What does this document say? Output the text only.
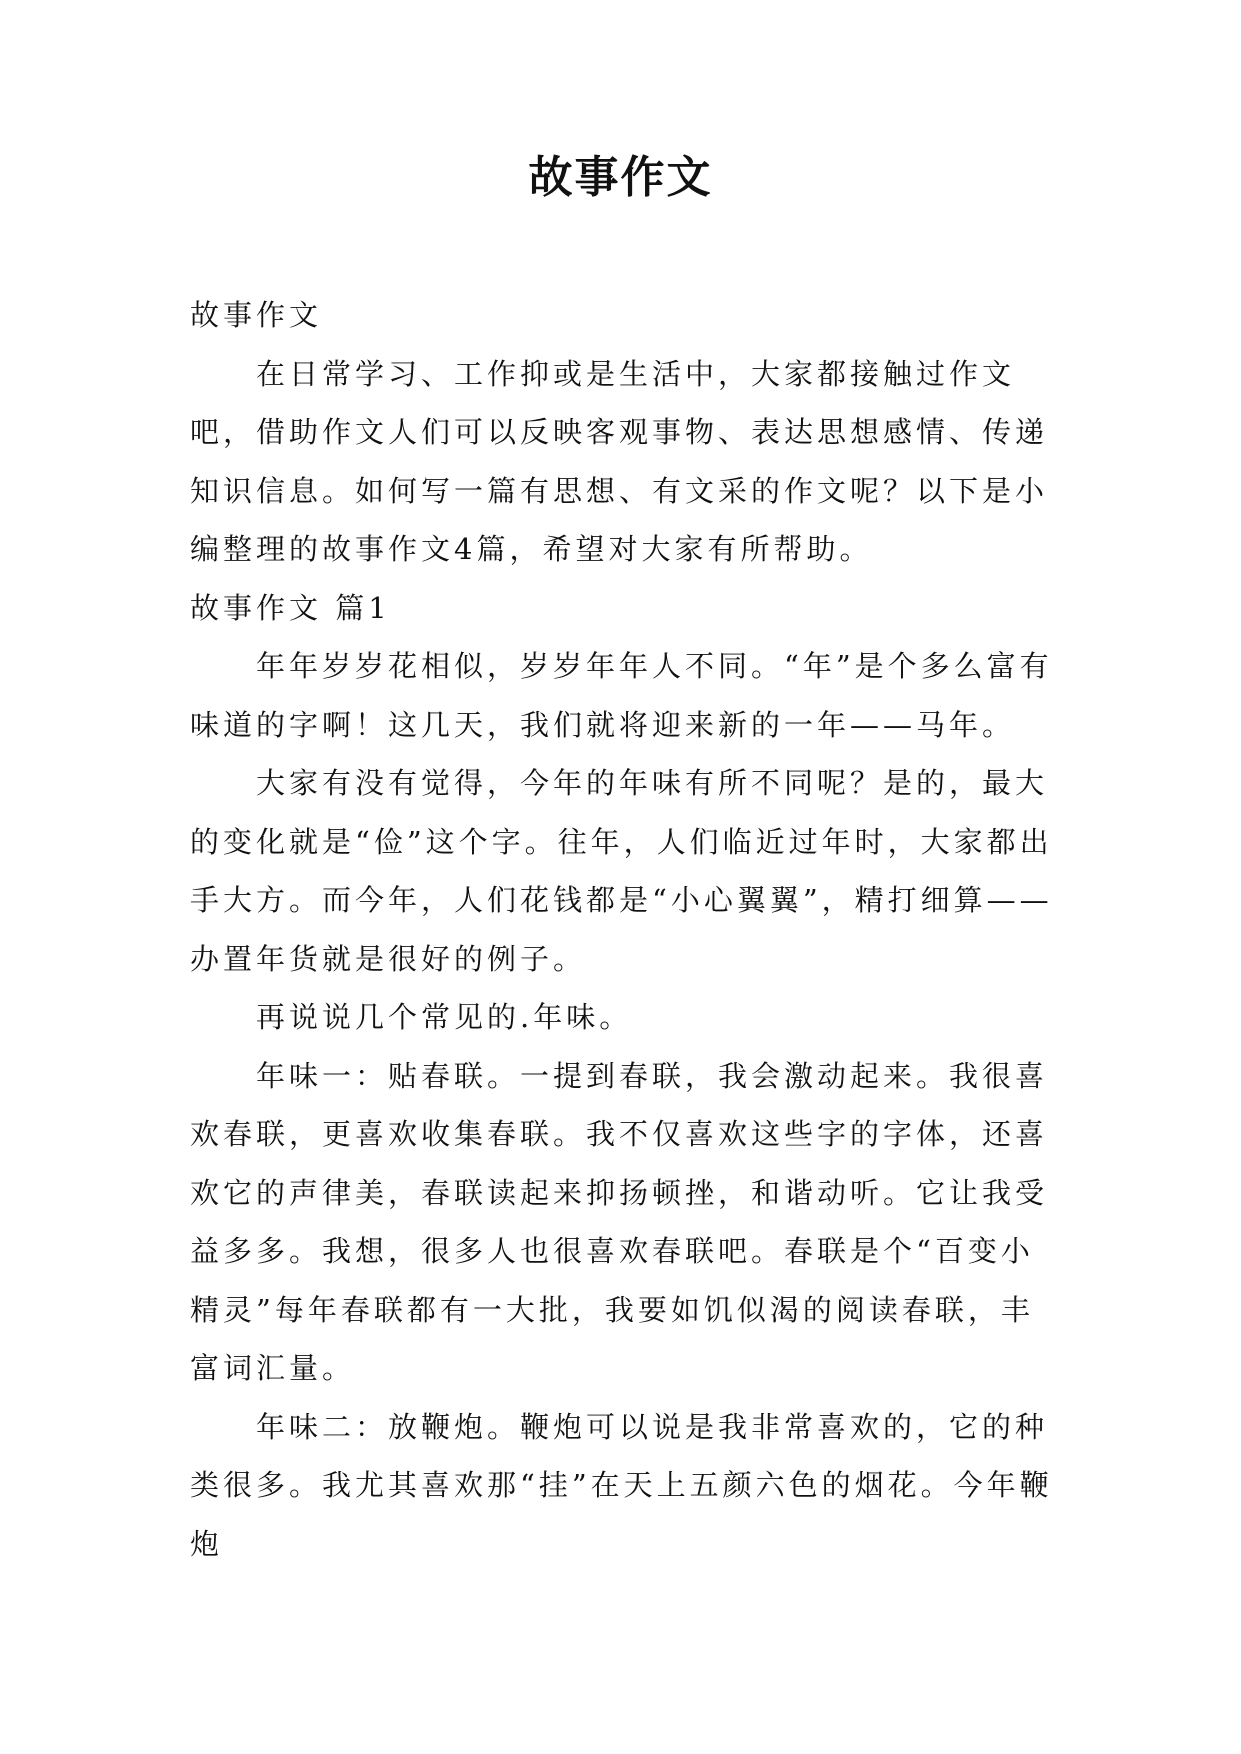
故事作文

故事作文

在日常学习、工作抑或是生活中，大家都接触过作文吧，借助作文人们可以反映客观事物、表达思想感情、传递知识信息。如何写一篇有思想、有文采的作文呢？以下是小编整理的故事作文4篇，希望对大家有所帮助。

故事作文 篇1

年年岁岁花相似，岁岁年年人不同。“年”是个多么富有味道的字啊！这几天，我们就将迎来新的一年——马年。

大家有没有觉得，今年的年味有所不同呢？是的，最大的变化就是“俭”这个字。往年，人们临近过年时，大家都出手大方。而今年，人们花钱都是“小心翼翼”，精打细算——办置年货就是很好的例子。

再说说几个常见的.年味。

年味一：贴春联。一提到春联，我会激动起来。我很喜欢春联，更喜欢收集春联。我不仅喜欢这些字的字体，还喜欢它的声律美，春联读起来抑扬顿挫，和谐动听。它让我受益多多。我想，很多人也很喜欢春联吧。春联是个“百变小精灵”每年春联都有一大批，我要如饥似渴的阅读春联，丰富词汇量。

年味二：放鞭炮。鞭炮可以说是我非常喜欢的，它的种类很多。我尤其喜欢那“挂”在天上五颜六色的烟花。今年鞭炮
